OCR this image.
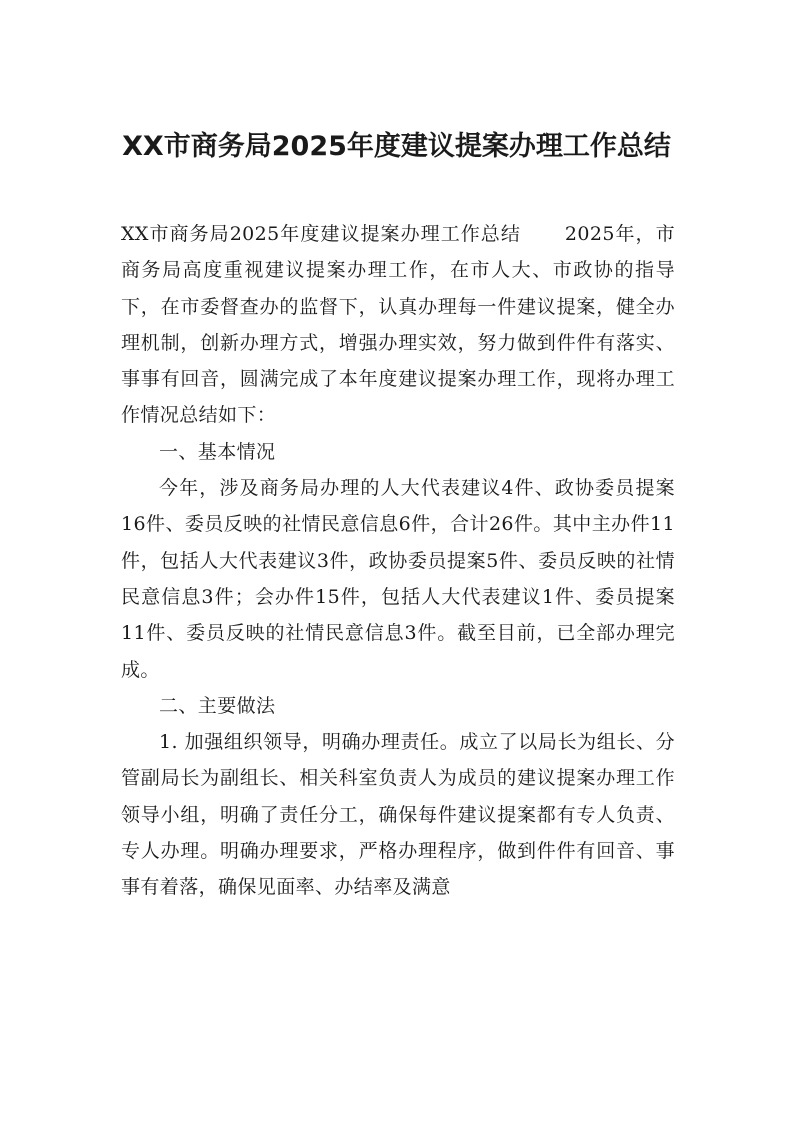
XX市商务局2025年度建议提案办理工作总结

XX市商务局2025年度建议提案办理工作总结 2025年，市商务局高度重视建议提案办理工作，在市人大、市政协的指导下，在市委督查办的监督下，认真办理每一件建议提案，健全办理机制，创新办理方式，增强办理实效，努力做到件件有落实、事事有回音，圆满完成了本年度建议提案办理工作，现将办理工作情况总结如下：

一、基本情况

今年，涉及商务局办理的人大代表建议4件、政协委员提案16件、委员反映的社情民意信息6件，合计26件。其中主办件11件，包括人大代表建议3件，政协委员提案5件、委员反映的社情民意信息3件；会办件15件，包括人大代表建议1件、委员提案11件、委员反映的社情民意信息3件。截至目前，已全部办理完成。

二、主要做法

1. 加强组织领导，明确办理责任。成立了以局长为组长、分管副局长为副组长、相关科室负责人为成员的建议提案办理工作领导小组，明确了责任分工，确保每件建议提案都有专人负责、专人办理。明确办理要求，严格办理程序，做到件件有回音、事事有着落，确保见面率、办结率及满意
